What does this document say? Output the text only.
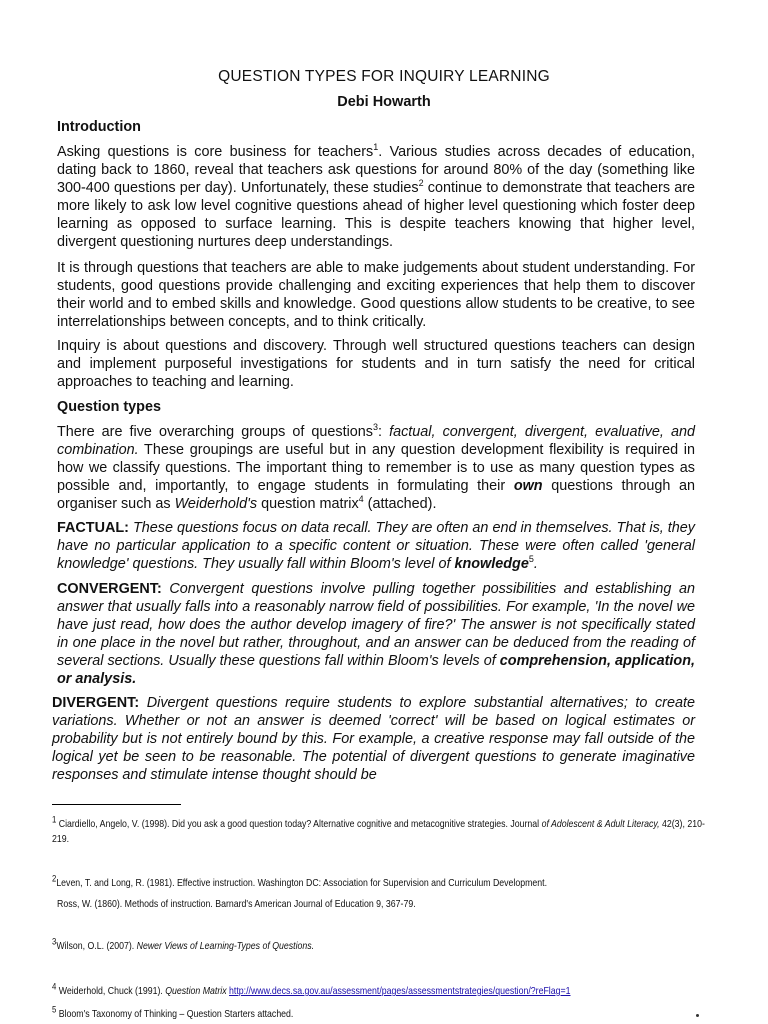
QUESTION TYPES FOR INQUIRY LEARNING
Debi Howarth
Introduction
Asking questions is core business for teachers$^1$. Various studies across decades of education, dating back to 1860, reveal that teachers ask questions for around 80% of the day (something like 300-400 questions per day). Unfortunately, these studies$^2$ continue to demonstrate that teachers are more likely to ask low level cognitive questions ahead of higher level questioning which foster deep learning as opposed to surface learning. This is despite teachers knowing that higher level, divergent questioning nurtures deep understandings.
It is through questions that teachers are able to make judgements about student understanding. For students, good questions provide challenging and exciting experiences that help them to discover their world and to embed skills and knowledge. Good questions allow students to be creative, to see interrelationships between concepts, and to think critically.
Inquiry is about questions and discovery. Through well structured questions teachers can design and implement purposeful investigations for students and in turn satisfy the need for critical approaches to teaching and learning.
Question types
There are five overarching groups of questions$^3$: factual, convergent, divergent, evaluative, and combination. These groupings are useful but in any question development flexibility is required in how we classify questions. The important thing to remember is to use as many question types as possible and, importantly, to engage students in formulating their own questions through an organiser such as Weiderhold's question matrix$^4$ (attached).
FACTUAL: These questions focus on data recall. They are often an end in themselves. That is, they have no particular application to a specific content or situation. These were often called 'general knowledge' questions. They usually fall within Bloom's level of knowledge$^5$.
CONVERGENT: Convergent questions involve pulling together possibilities and establishing an answer that usually falls into a reasonably narrow field of possibilities. For example, 'In the novel we have just read, how does the author develop imagery of fire?' The answer is not specifically stated in one place in the novel but rather, throughout, and an answer can be deduced from the reading of several sections. Usually these questions fall within Bloom's levels of comprehension, application, or analysis.
DIVERGENT: Divergent questions require students to explore substantial alternatives; to create variations. Whether or not an answer is deemed 'correct' will be based on logical estimates or probability but is not entirely bound by this. For example, a creative response may fall outside of the logical yet be seen to be reasonable. The potential of divergent questions to generate imaginative responses and stimulate intense thought should be
$^1$ Ciardiello, Angelo, V. (1998). Did you ask a good question today? Alternative cognitive and metacognitive strategies. Journal of Adolescent & Adult Literacy, 42(3), 210-219.
$^2$Leven, T. and Long, R. (1981). Effective instruction. Washington DC: Association for Supervision and Curriculum Development.
Ross, W. (1860). Methods of instruction. Barnard's American Journal of Education 9, 367-79.
$^3$Wilson, O.L. (2007). Newer Views of Learning-Types of Questions.
$^4$ Weiderhold, Chuck (1991). Question Matrix http://www.decs.sa.gov.au/assessment/pages/assessmentstrategies/question/?reFlag=1
$^5$ Bloom's Taxonomy of Thinking – Question Starters attached.
